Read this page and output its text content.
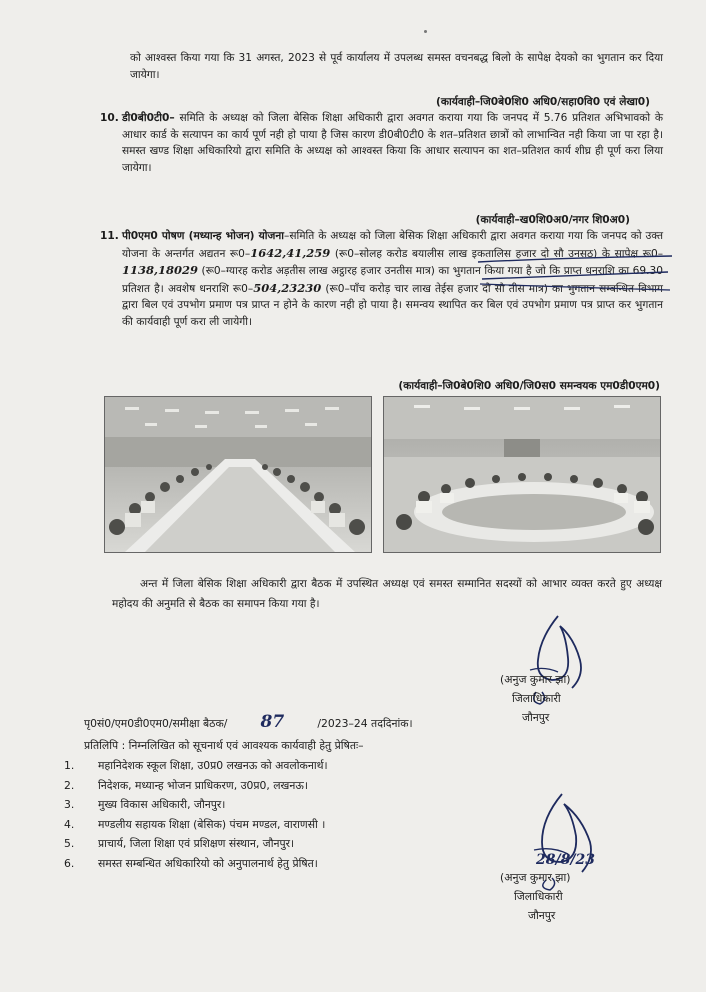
को आश्वस्त किया गया कि 31 अगस्त, 2023 से पूर्व कार्यालय में उपलब्ध समस्त वचनबद्ध बिलो के सापेक्ष देयको का भुगतान कर दिया जायेगा।
(कार्यवाही–जि0बे0शि0 अधि0/सहा0वि0 एवं लेखा0)
10. डी0बी0टी0– समिति के अध्यक्ष को जिला बेसिक शिक्षा अधिकारी द्वारा अवगत कराया गया कि जनपद में 5.76 प्रतिशत अभिभावको के आधार कार्ड के सत्यापन का कार्य पूर्ण नही हो पाया है जिस कारण डी0बी0टी0 के शत–प्रतिशत छात्रों को लाभान्वित नही किया जा पा रहा है। समस्त खण्ड शिक्षा अधिकारियो द्वारा समिति के अध्यक्ष को आश्वस्त किया कि आधार सत्यापन का शत–प्रतिशत कार्य शीघ्र ही पूर्ण करा लिया जायेगा।
(कार्यवाही–ख0शि0अ0/नगर शि0अ0)
11. पी0एम0 पोषण (मध्यान्ह भोजन) योजना–समिति के अध्यक्ष को जिला बेसिक शिक्षा अधिकारी द्वारा अवगत कराया गया कि जनपद को उक्त योजना के अन्तर्गत अद्यतन रू0–1642,41,259 (रू0–सोलह करोड बयालीस लाख इकतालिस हजार दो सौ उनसठ) के सापेक्ष रू0–1138,18029 (रू0–ग्यारह करोड अड़तीस लाख अट्ठारह हजार उनतीस मात्र) का भुगतान किया गया है जो कि प्राप्त धनराशि का 69.30 प्रतिशत है। अवशेष धनराशि रू0–504,23230 (रू0–पाँच करोड़ चार लाख तेईस हजार दो सौ तीस मात्र) का भुगतान सम्बन्धित विभाग द्वारा बिल एवं उपभोग प्रमाण पत्र प्राप्त न होने के कारण नही हो पाया है। समन्वय स्थापित कर बिल एवं उपभोग प्रमाण पत्र प्राप्त कर भुगतान की कार्यवाही पूर्ण करा ली जायेगी।
(कार्यवाही–जि0बे0शि0 अधि0/जि0स0 समन्वयक एम0डी0एम0)
अन्त में जिला बेसिक शिक्षा अधिकारी द्वारा बैठक में उपस्थित अध्यक्ष एवं समस्त सम्मानित सदस्यों को आभार व्यक्त करते हुए अध्यक्ष महोदय की अनुमति से बैठक का समापन किया गया है।
(अनुज कुमार झा)
जिलाधिकारी
जौनपुर
पृ0सं0/एम0डी0एम0/समीक्षा बैठक/ 87	/2023–24 तददिनांक।
प्रतिलिपि : निम्नलिखित को सूचनार्थ एवं आवश्यक कार्यवाही हेतु प्रेषितः–
1. महानिदेशक स्कूल शिक्षा, उ0प्र0 लखनऊ को अवलोकनार्थ।
2. निदेशक, मध्यान्ह भोजन प्राधिकरण, उ0प्र0, लखनऊ।
3. मुख्य विकास अधिकारी, जौनपुर।
4. मण्डलीय सहायक शिक्षा (बेसिक) पंचम मण्डल, वाराणसी ।
5. प्राचार्य, जिला शिक्षा एवं प्रशिक्षण संस्थान, जौनपुर।
6. समस्त सम्बन्धित अधिकारियो को अनुपालनार्थ हेतु प्रेषित।	28/8/23
(अनुज कुमार झा)
जिलाधिकारी
जौनपुर
